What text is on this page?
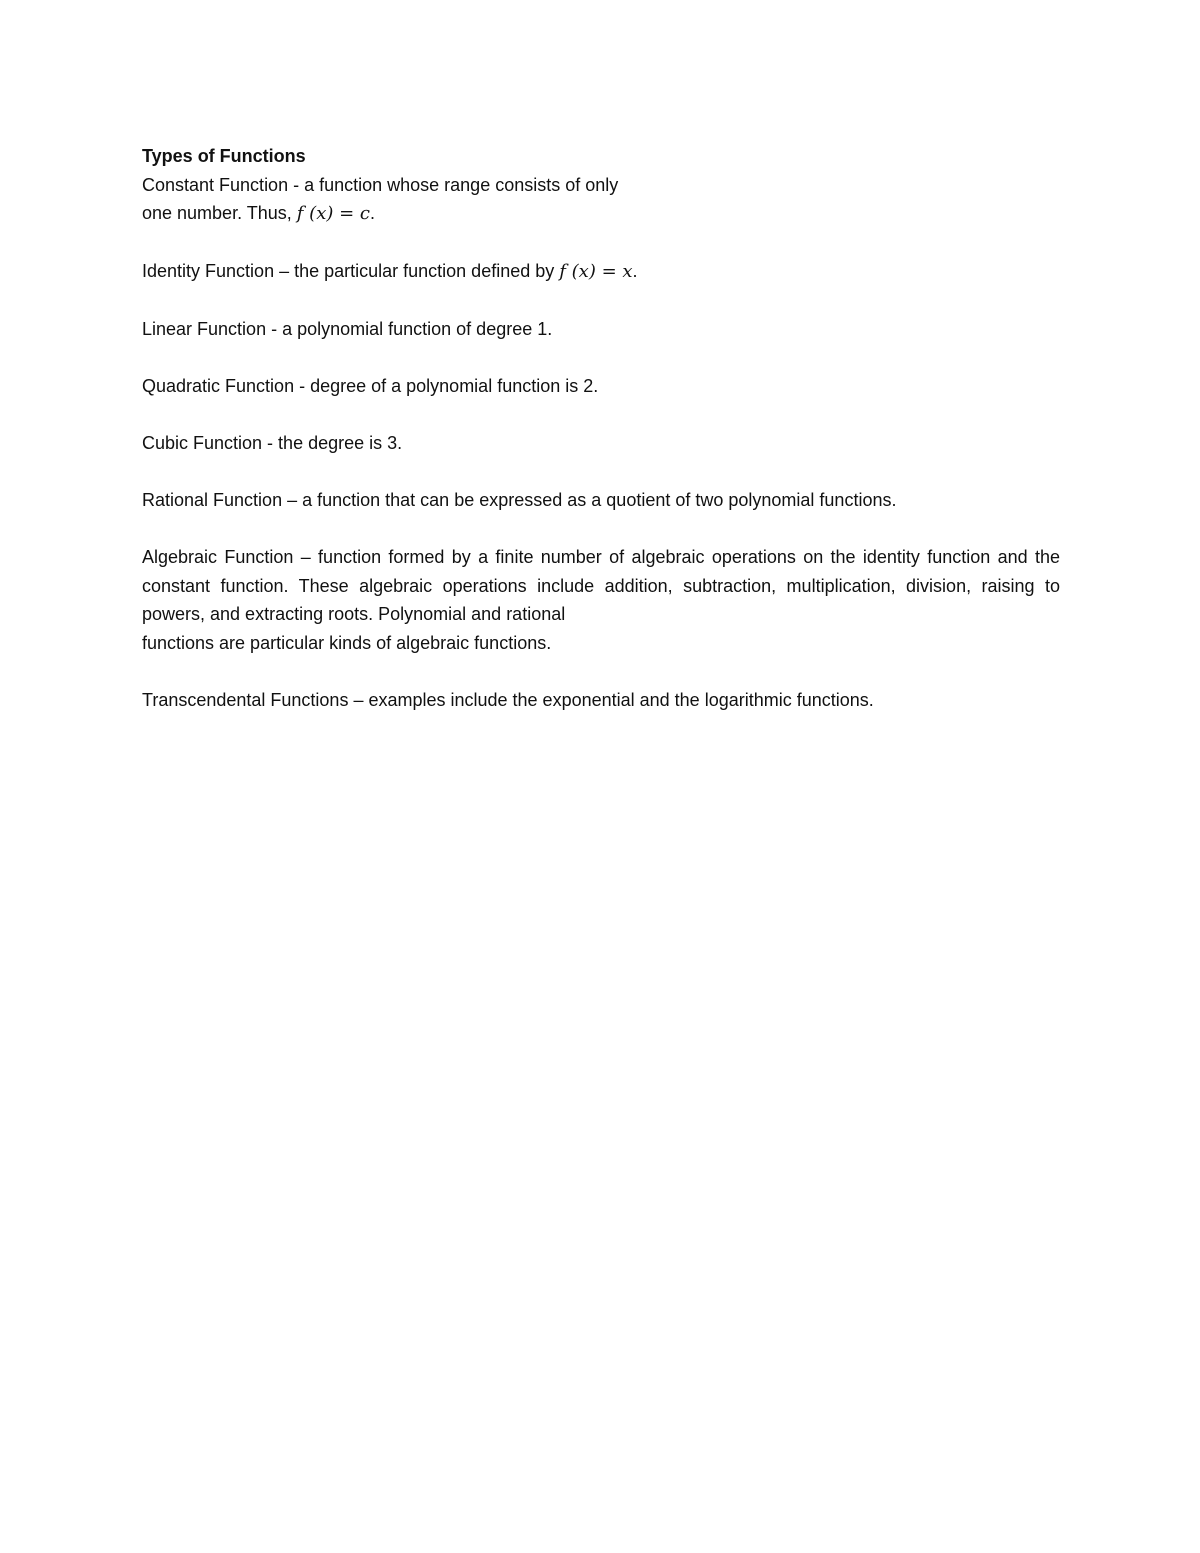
Types of Functions
Constant Function - a function whose range consists of only
one number. Thus, f (x) = c.
Identity Function – the particular function defined by f (x) = x.
Linear Function - a polynomial function of degree 1.
Quadratic Function - degree of a polynomial function is 2.
Cubic Function - the degree is 3.
Rational Function – a function that can be expressed as a quotient of two polynomial functions.
Algebraic Function – function formed by a finite number of algebraic operations on the identity function and the constant function. These algebraic operations include addition, subtraction, multiplication, division, raising to powers, and extracting roots. Polynomial and rational
functions are particular kinds of algebraic functions.
Transcendental Functions – examples include the exponential and the logarithmic functions.
